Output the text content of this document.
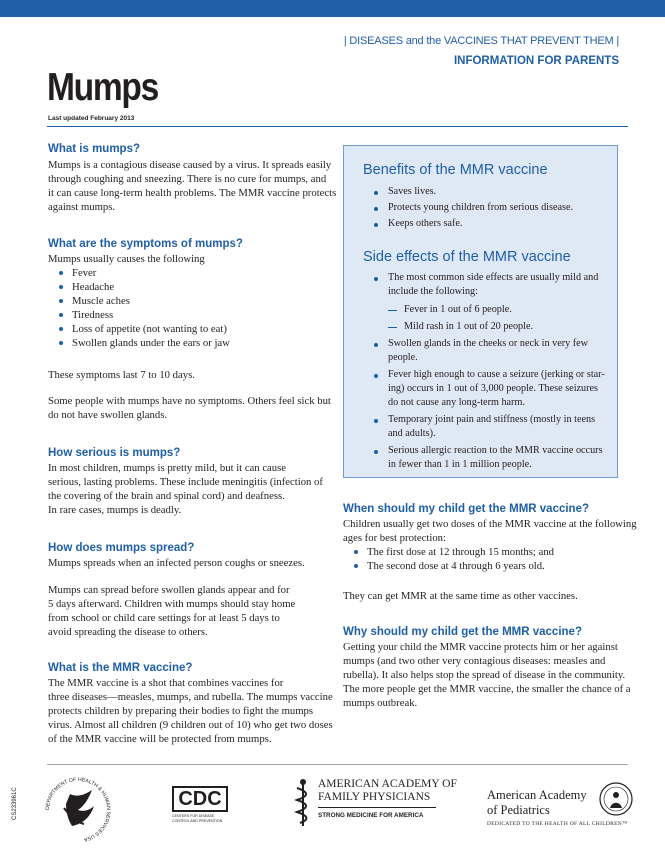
| DISEASES and the VACCINES THAT PREVENT THEM |
INFORMATION FOR PARENTS
Mumps
Last updated February 2013
What is mumps?
Mumps is a contagious disease caused by a virus. It spreads easily
through coughing and sneezing. There is no cure for mumps, and
it can cause long-term health problems. The MMR vaccine protects
against mumps.
What are the symptoms of mumps?
Mumps usually causes the following
Fever
Headache
Muscle aches
Tiredness
Loss of appetite (not wanting to eat)
Swollen glands under the ears or jaw
These symptoms last 7 to 10 days.
Some people with mumps have no symptoms. Others feel sick but
do not have swollen glands.
How serious is mumps?
In most children, mumps is pretty mild, but it can cause
serious, lasting problems. These include meningitis (infection of
the covering of the brain and spinal cord) and deafness.
In rare cases, mumps is deadly.
How does mumps spread?
Mumps spreads when an infected person coughs or sneezes.
Mumps can spread before swollen glands appear and for
5 days afterward. Children with mumps should stay home
from school or child care settings for at least 5 days to
avoid spreading the disease to others.
What is the MMR vaccine?
The MMR vaccine is a shot that combines vaccines for
three diseases—measles, mumps, and rubella. The mumps vaccine
protects children by preparing their bodies to fight the mumps
virus. Almost all children (9 children out of 10) who get two doses
of the MMR vaccine will be protected from mumps.
Benefits of the MMR vaccine
Saves lives.
Protects young children from serious disease.
Keeps others safe.
Side effects of the MMR vaccine
The most common side effects are usually mild and
include the following:
Fever in 1 out of 6 people.
Mild rash in 1 out of 20 people.
Swollen glands in the cheeks or neck in very few
people.
Fever high enough to cause a seizure (jerking or star-
ing) occurs in 1 out of 3,000 people. These seizures
do not cause any long-term harm.
Temporary joint pain and stiffness (mostly in teens
and adults).
Serious allergic reaction to the MMR vaccine occurs
in fewer than 1 in 1 million people.
When should my child get the MMR vaccine?
Children usually get two doses of the MMR vaccine at the following
ages for best protection:
The first dose at 12 through 15 months; and
The second dose at 4 through 6 years old.
They can get MMR at the same time as other vaccines.
Why should my child get the MMR vaccine?
Getting your child the MMR vaccine protects him or her against
mumps (and two other very contagious diseases: measles and
rubella). It also helps stop the spread of disease in the community.
The more people get the MMR vaccine, the smaller the chance of a
mumps outbreak.
DEPARTMENT OF HEALTH & HUMAN SERVICES USA
CDC
CENTERS FOR DISEASE
CONTROL AND PREVENTION
AMERICAN ACADEMY OF
FAMILY PHYSICIANS
STRONG MEDICINE FOR AMERICA
American Academy
of Pediatrics
DEDICATED TO THE HEALTH OF ALL CHILDREN™
CS233961C
